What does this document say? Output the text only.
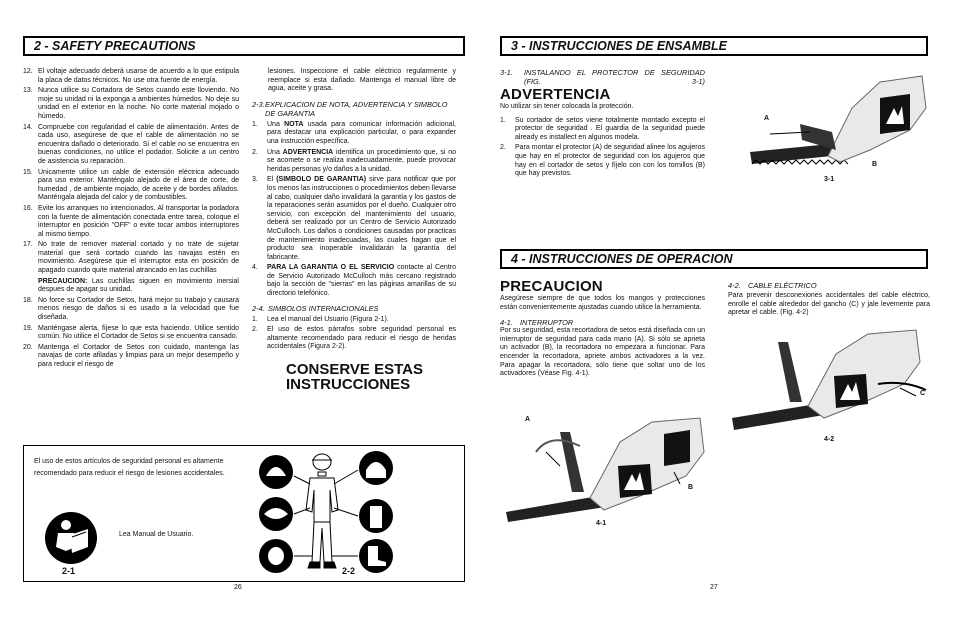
2 - SAFETY PRECAUTIONS
12. El voltaje adecuado deberá usarse de acuerdo a lo que estipula la placa de datos técnicos. No use otra fuente de energía.
13. Nunca utilice su Cortadora de Setos cuando este lloviendo. No moje su unidad ni la exponga a ambientes húmedos. No deje su unidad en el exterior en la noche. No corte material mojado o húmedo.
14. Compruebe con regularidad el cable de alimentación. Antes de cada uso, asegúrese de que el cable de alimentación no se encuentra dañado o deteriorado. Si el cable no se encuentra en buenas condiciones, no utilice el podador. Solicite a un centro de asistencia su reparación.
15. Unicamente utilice un cable de extensión eléctrica adecuado para uso exterior. Manténgalo alejado de el área de corte, de humedad , de ambiente mojado, de aceite y de bordes afilados. Manténgala alejada del calor y de combustibles.
16. Evite los arranques no intencionados. Al transportar la podadora con la fuente de alimentación conectada entre tarea, coloque el interruptor en posición "OFF" o evite tocar ambos interruptores al mismo tiempo.
17. No trate de remover material cortado y no trate de sujetar material que será cortado cuando las navajas estén en movimiento. Asegúrese que el interruptor esta en posición de apagado cuando quite material atrancado en las cuchillas
PRECAUCION: Las cuchillas siguen en movimiento inersial despues de apagar su unidad.
18. No force su Cortador de Setos, hará mejor su trabajo y causara menos riesgo de daños si es usado a la velocidad que fue diseñada.
19. Manténgase alerta, fíjese lo que esta haciendo. Utilice sentido común. No utilice el Cortador de Setos si se encuentra cansado.
20. Mantenga el Cortador de Setos con cuidado, mantenga las navajas de corte afiladas y limpias para un mejor desempeño y para reducir el riesgo de
lesiones. Inspeccione el cable eléctrico regularmente y reemplace si esta dañado. Mantenga el manual libre de agua, aceite y grasa.
2-3. EXPLICACION DE NOTA, ADVERTENCIA Y SIMBOLO DE GARANTIA
1.	Una NOTA usada para comunicar información adicional, para destacar una explicación particular, o para expander una instrucción específica.
2.	Una ADVERTENCIA identifica un procedimiento que, si no se acomete o se realiza inadecuadamente, puede provocar heridas personas y/o daños a la unidad.
3.	El (SIMBOLO DE GARANTIA) sirve para notificar que por los menos las instrucciones o procedimientos deben llevarse al cabo, cualquier daño invalidará la garantía y los gastos de la reparaciones serán asumidos por el dueño. Cualquier otro servicio, con excepción del mantenimiento del usuario, deberá ser realizado por un Centro de Servicio Autorizado McCulloch. Los daños o condiciones causadas por practicas de mantenimiento inadecuadas, las cuales hagan que el producto sea inoperable invalidarán la garantía del fabricante.
4.	PARA LA GARANTIA O EL SERVICIO contacte al Centro de Servicio Autorizado McCulloch más cercano registrado bajo la sección de "sierras" en las páginas amarillas de su directorio telefónico.
2-4. SIMBOLOS INTERNACIONALES
1.	Lea el manual del Usuario (Figura 2-1).
2.	El uso de estos párrafos sobre seguridad personal es altamente recomendado para reducir el riesgo de heridas accidentales (Figura 2-2).
CONSERVE ESTAS
INSTRUCCIONES
El uso de estos artículos de seguridad personal es altamente recomendado para reducir el riesgo de lesiones accidentales.
Lea Manual de Usuario.
2-1	2-2
26
3 - INSTRUCCIONES DE ENSAMBLE
3-1.	INSTALANDO EL PROTECTOR DE SEGURIDAD (FIG. 3-1)
ADVERTENCIA
No utilizar sin tener colocada la protección.
1.	Su cortador de setos viene totalmente montado excepto el protector de seguridad . El guardia de la seguridad puede already es installect en algunos modela.
2.	Para montar el protector (A) de seguridad alinee los agujeros que hay en el protector de seguridad con los agujeros que hay en el cortador de setos y fíjelo con con los tornillos (B) que hay previstos.
A
B
3-1
4 - INSTRUCCIONES DE OPERACION
PRECAUCION
Asegúrese siempre de que todos los mangos y protecciones están convenientemente ajustadas cuando utilice la herramienta.
4-1. INTERRUPTOR
Por su seguridad, esta recortadora de setos está diseñada con un interruptor de seguridad para cada mano (A). Si sólo se aprieta un activador (B), la recortadora no empezara a funcionar. Para encender la recortadora, apriete ambos activadores a la vez. Para apagar la recortadora, sólo tiene que soltar uno de los activadores (Véase Fig. 4-1).
4-2. CABLE ELÉCTRICO
Para prevenir desconexiones accidentales del cable eléctrico, enrolle el cable alrededor del gancho (C) y jale levemente para apretar el cable. (Fig. 4-2)
A
B
4-1
C
4-2
27
